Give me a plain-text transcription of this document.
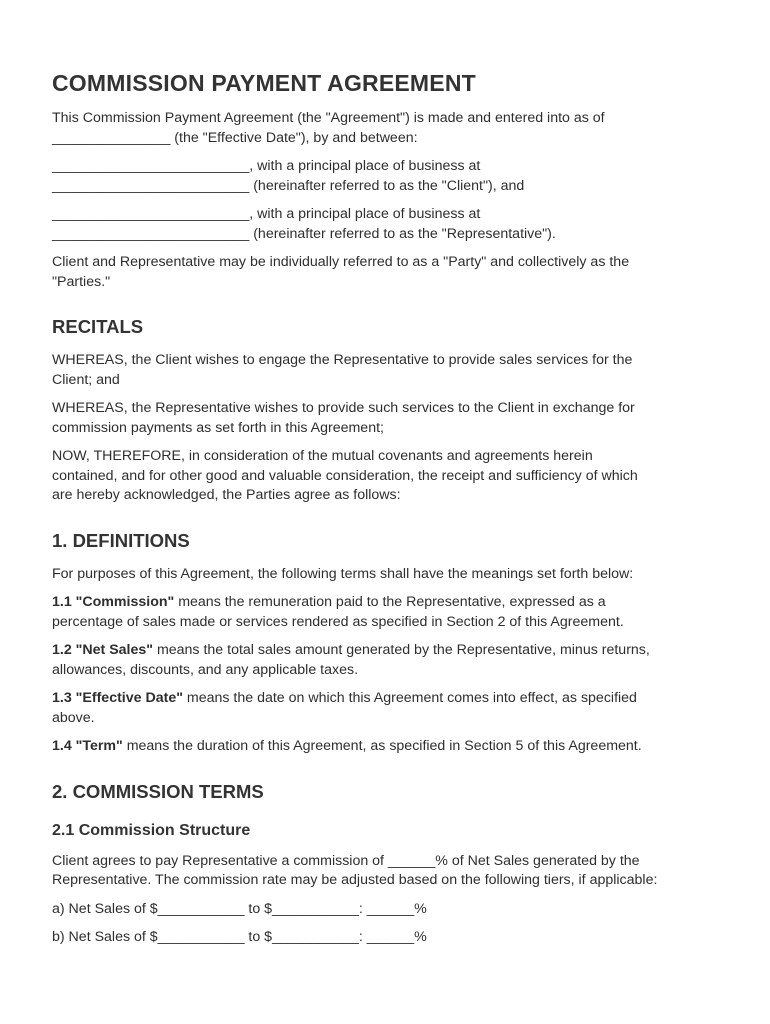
COMMISSION PAYMENT AGREEMENT

This Commission Payment Agreement (the "Agreement") is made and entered into as of
_______________ (the "Effective Date"), by and between:

_________________________, with a principal place of business at
_________________________ (hereinafter referred to as the "Client"), and

_________________________, with a principal place of business at
_________________________ (hereinafter referred to as the "Representative").

Client and Representative may be individually referred to as a "Party" and collectively as the
"Parties."

RECITALS

WHEREAS, the Client wishes to engage the Representative to provide sales services for the
Client; and

WHEREAS, the Representative wishes to provide such services to the Client in exchange for
commission payments as set forth in this Agreement;

NOW, THEREFORE, in consideration of the mutual covenants and agreements herein
contained, and for other good and valuable consideration, the receipt and sufficiency of which
are hereby acknowledged, the Parties agree as follows:

1. DEFINITIONS

For purposes of this Agreement, the following terms shall have the meanings set forth below:

1.1 "Commission" means the remuneration paid to the Representative, expressed as a
percentage of sales made or services rendered as specified in Section 2 of this Agreement.

1.2 "Net Sales" means the total sales amount generated by the Representative, minus returns,
allowances, discounts, and any applicable taxes.

1.3 "Effective Date" means the date on which this Agreement comes into effect, as specified
above.

1.4 "Term" means the duration of this Agreement, as specified in Section 5 of this Agreement.

2. COMMISSION TERMS
2.1 Commission Structure

Client agrees to pay Representative a commission of ______% of Net Sales generated by the
Representative. The commission rate may be adjusted based on the following tiers, if applicable:

a) Net Sales of $___________ to $___________: ______%

b) Net Sales of $___________ to $___________: ______%
